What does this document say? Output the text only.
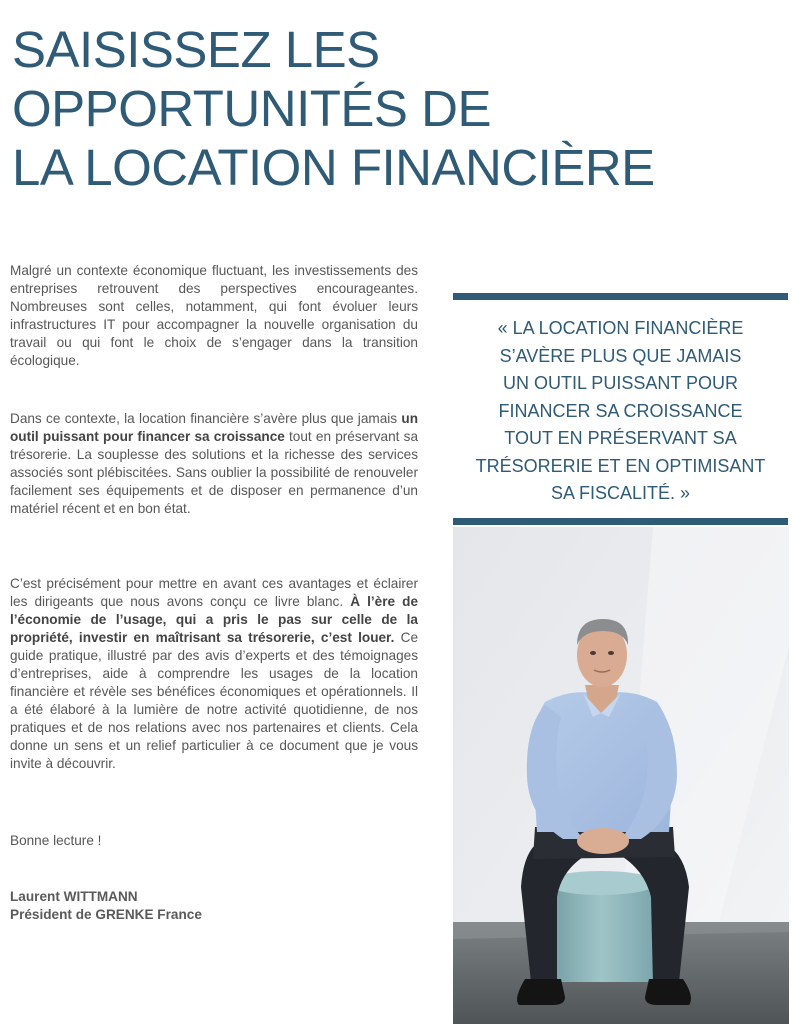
SAISISSEZ LES
OPPORTUNITÉS DE
LA LOCATION FINANCIÈRE

Malgré un contexte économique fluctuant, les investissements des entreprises retrouvent des perspectives encourageantes. Nombreuses sont celles, notamment, qui font évoluer leurs infrastructures IT pour accompagner la nouvelle organisation du travail ou qui font le choix de s’engager dans la transition écologique.

Dans ce contexte, la location financière s’avère plus que jamais un outil puissant pour financer sa croissance tout en préservant sa trésorerie. La souplesse des solutions et la richesse des services associés sont plébiscitées. Sans oublier la possibilité de renouveler facilement ses équipements et de disposer en permanence d’un matériel récent et en bon état.

C’est précisément pour mettre en avant ces avantages et éclairer les dirigeants que nous avons conçu ce livre blanc. À l’ère de l’économie de l’usage, qui a pris le pas sur celle de la propriété, investir en maîtrisant sa trésorerie, c’est louer. Ce guide pratique, illustré par des avis d’experts et des témoignages d’entreprises, aide à comprendre les usages de la location financière et révèle ses bénéfices économiques et opérationnels. Il a été élaboré à la lumière de notre activité quotidienne, de nos pratiques et de nos relations avec nos partenaires et clients. Cela donne un sens et un relief particulier à ce document que je vous invite à découvrir.

Bonne lecture !

Laurent WITTMANN
Président de GRENKE France
« LA LOCATION FINANCIÈRE
S’AVÈRE PLUS QUE JAMAIS
UN OUTIL PUISSANT POUR
FINANCER SA CROISSANCE
TOUT EN PRÉSERVANT SA
TRÉSORERIE ET EN OPTIMISANT
SA FISCALITÉ. »
